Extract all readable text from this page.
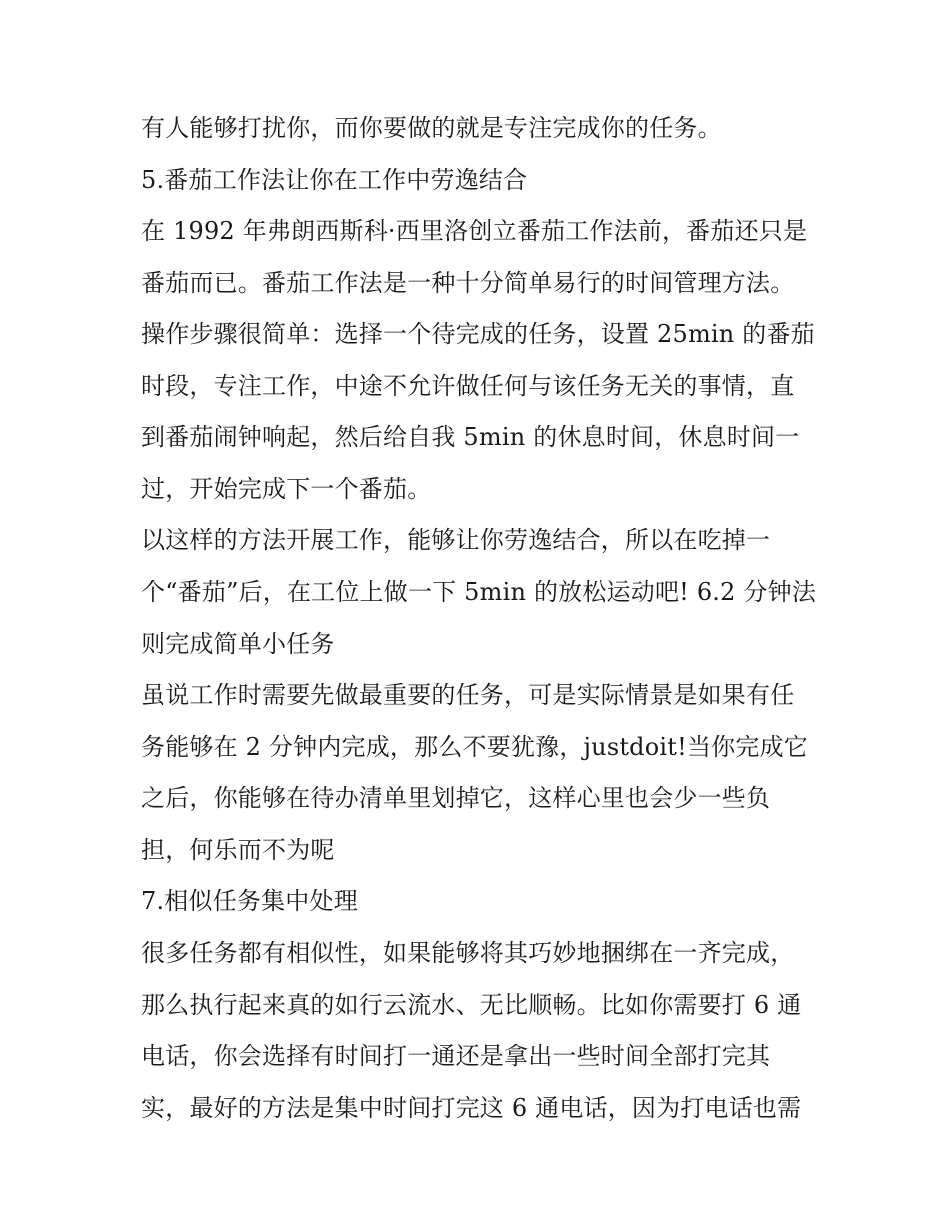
有人能够打扰你，而你要做的就是专注完成你的任务。
5.番茄工作法让你在工作中劳逸结合
在 1992 年弗朗西斯科·西里洛创立番茄工作法前，番茄还只是
番茄而已。番茄工作法是一种十分简单易行的时间管理方法。
操作步骤很简单：选择一个待完成的任务，设置 25min 的番茄
时段，专注工作，中途不允许做任何与该任务无关的事情，直
到番茄闹钟响起，然后给自我 5min 的休息时间，休息时间一
过，开始完成下一个番茄。
以这样的方法开展工作，能够让你劳逸结合，所以在吃掉一
个“番茄”后，在工位上做一下 5min 的放松运动吧! 6.2 分钟法
则完成简单小任务
虽说工作时需要先做最重要的任务，可是实际情景是如果有任
务能够在 2 分钟内完成，那么不要犹豫，justdoit!当你完成它
之后，你能够在待办清单里划掉它，这样心里也会少一些负
担，何乐而不为呢
7.相似任务集中处理
很多任务都有相似性，如果能够将其巧妙地捆绑在一齐完成，
那么执行起来真的如行云流水、无比顺畅。比如你需要打 6 通
电话，你会选择有时间打一通还是拿出一些时间全部打完其
实，最好的方法是集中时间打完这 6 通电话，因为打电话也需
